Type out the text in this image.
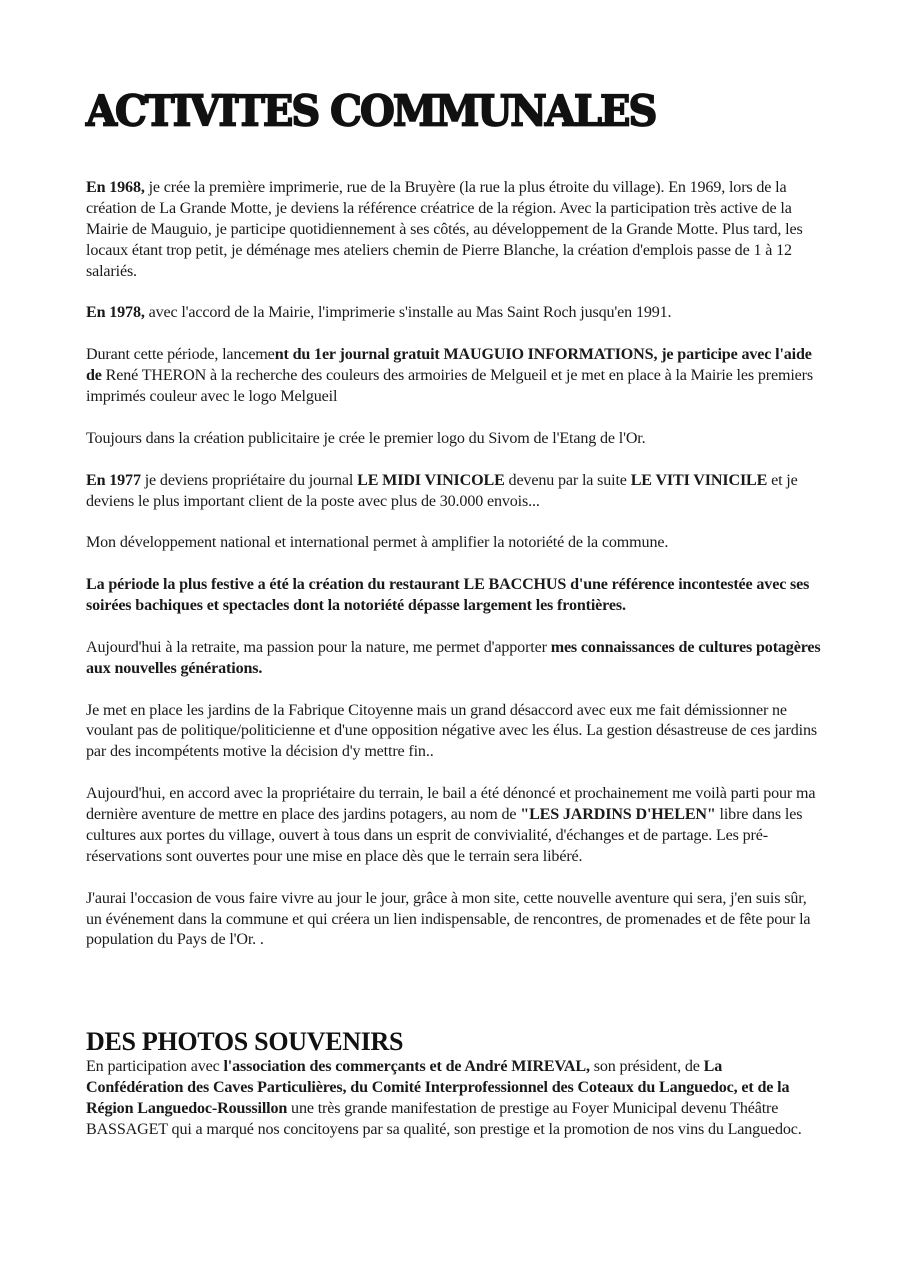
ACTIVITES COMMUNALES

En 1968, je crée la première imprimerie, rue de la Bruyère (la rue la plus étroite du village). En 1969, lors de la création de La Grande Motte, je deviens la référence créatrice de la région. Avec la participation très active de la Mairie de Mauguio, je participe quotidiennement à ses côtés, au développement de la Grande Motte. Plus tard, les locaux étant trop petit, je déménage mes ateliers chemin de Pierre Blanche, la création d'emplois passe de 1 à 12 salariés.

En 1978, avec l'accord de la Mairie, l'imprimerie s'installe au Mas Saint Roch jusqu'en 1991.

Durant cette période, lancement du 1er journal gratuit MAUGUIO INFORMATIONS, je participe avec l'aide de René THERON à la recherche des couleurs des armoiries de Melgueil et je met en place à la Mairie les premiers imprimés couleur avec le logo Melgueil

Toujours dans la création publicitaire je crée le premier logo du Sivom de l'Etang de l'Or.

En 1977 je deviens propriétaire du journal LE MIDI VINICOLE devenu par la suite LE VITI VINICILE et je deviens le plus important client de la poste avec plus de 30.000 envois...

Mon développement national et international permet à amplifier la notoriété de la commune.

La période la plus festive a été la création du restaurant LE BACCHUS d'une référence incontestée avec ses soirées bachiques et spectacles dont la notoriété dépasse largement les frontières.

Aujourd'hui à la retraite, ma passion pour la nature, me permet d'apporter mes connaissances de cultures potagères aux nouvelles générations.

Je met en place les jardins de la Fabrique Citoyenne mais un grand désaccord avec eux me fait démissionner ne voulant pas de politique/politicienne et d'une opposition négative avec les élus. La gestion désastreuse de ces jardins par des incompétents motive la décision d'y mettre fin..

Aujourd'hui, en accord avec la propriétaire du terrain, le bail a été dénoncé et prochainement me voilà parti pour ma dernière aventure de mettre en place des jardins potagers, au nom de "LES JARDINS D'HELEN" libre dans les cultures aux portes du village, ouvert à tous dans un esprit de convivialité, d'échanges et de partage. Les pré-réservations sont ouvertes pour une mise en place dès que le terrain sera libéré.

J'aurai l'occasion de vous faire vivre au jour le jour, grâce à mon site, cette nouvelle aventure qui sera, j'en suis sûr, un événement dans la commune et qui créera un lien indispensable, de rencontres, de promenades et de fête pour la population du Pays de l'Or. .

DES PHOTOS SOUVENIRS

En participation avec l'association des commerçants et de André MIREVAL, son président, de La Confédération des Caves Particulières, du Comité Interprofessionnel des Coteaux du Languedoc, et de la Région Languedoc-Roussillon une très grande manifestation de prestige au Foyer Municipal devenu Théâtre BASSAGET qui a marqué nos concitoyens par sa qualité, son prestige et la promotion de nos vins du Languedoc.
